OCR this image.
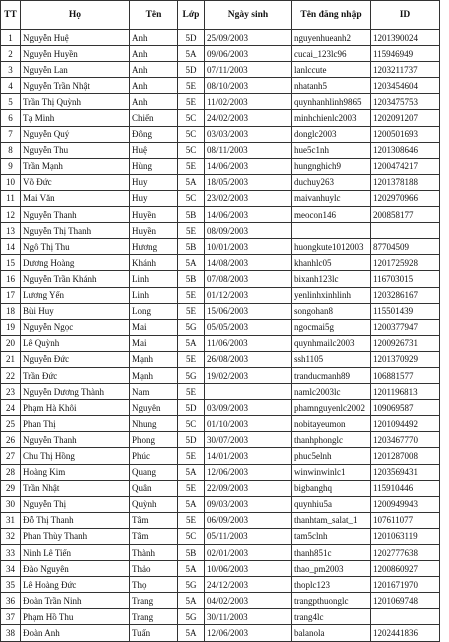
TT	Họ	Tên	Lớp	Ngày sinh	Tên đăng nhập	ID
1	Nguyễn Huệ	Anh	5D	25/09/2003	nguyenhueanh2	1201390024
2	Nguyễn Huyền	Anh	5A	09/06/2003	cucai_123lc96	115946949
3	Nguyễn Lan	Anh	5D	07/11/2003	lanlccute	1203211737
4	Nguyễn Trần Nhật	Anh	5E	08/10/2003	nhatanh5	1203454604
5	Trần Thị Quỳnh	Anh	5E	11/02/2003	quynhanhlinh9865	1203475753
6	Tạ Minh	Chiến	5C	24/02/2003	minhchienlc2003	1202091207
7	Nguyễn Quý	Đông	5C	03/03/2003	donglc2003	1200501693
8	Nguyễn Thu	Huệ	5C	08/11/2003	hue5c1nh	1201308646
9	Trần Mạnh	Hùng	5E	14/06/2003	hungnghich9	1200474217
10	Võ Đức	Huy	5A	18/05/2003	duchuy263	1201378188
11	Mai Văn	Huy	5C	23/02/2003	maivanhuylc	1202970966
12	Nguyễn Thanh	Huyền	5B	14/06/2003	meocon146	200858177
13	Nguyễn Thị Thanh	Huyền	5E	08/09/2003		
14	Ngô Thị Thu	Hương	5B	10/01/2003	huongkute1012003	87704509
15	Dương Hoàng	Khánh	5A	14/08/2003	khanhlc05	1201725928
16	Nguyễn Trần Khánh	Linh	5B	07/08/2003	bixanh123lc	116703015
17	Lương Yến	Linh	5E	01/12/2003	yenlinhxinhlinh	1203286167
18	Bùi Huy	Long	5E	15/06/2003	songohan8	115501439
19	Nguyễn Ngọc	Mai	5G	05/05/2003	ngocmai5g	1200377947
20	Lê Quỳnh	Mai	5A	11/06/2003	quynhmailc2003	1200926731
21	Nguyễn Đức	Mạnh	5E	26/08/2003	ssh1105	1201370929
22	Trần Đức	Mạnh	5G	19/02/2003	tranducmanh89	106881577
23	Nguyễn Dương Thành	Nam	5E		namlc2003lc	1201196813
24	Phạm Hà Khôi	Nguyên	5D	03/09/2003	phamnguyenlc2002	109069587
25	Phan Thị	Nhung	5C	01/10/2003	nobitayeumon	1201094492
26	Nguyễn Thanh	Phong	5D	30/07/2003	thanhphonglc	1203467770
27	Chu Thị Hồng	Phúc	5E	14/01/2003	phuc5elnh	1201287008
28	Hoàng Kim	Quang	5A	12/06/2003	winwinwinlc1	1203569431
29	Trần Nhật	Quân	5E	22/09/2003	bigbanghq	115910446
30	Nguyễn Thị	Quỳnh	5A	09/03/2003	quynhiu5a	1200949943
31	Đỗ Thị Thanh	Tâm	5E	06/09/2003	thanhtam_salat_1	107611077
32	Phan Thùy Thanh	Tâm	5C	05/11/2003	tam5clnh	1201063119
33	Ninh Lê Tiến	Thành	5B	02/01/2003	thanh851c	1202777638
34	Đào Nguyên	Thảo	5A	10/06/2003	thao_pm2003	1200860927
35	Lê Hoàng Đức	Thọ	5G	24/12/2003	thoplc123	1201671970
36	Đoàn Trần Ninh	Trang	5A	04/02/2003	trangpthuonglc	1201069748
37	Phạm Hồ Thu	Trang	5G	30/11/2003	trang4lc	
38	Đoàn Anh	Tuấn	5A	12/06/2003	balanola	1202441836
